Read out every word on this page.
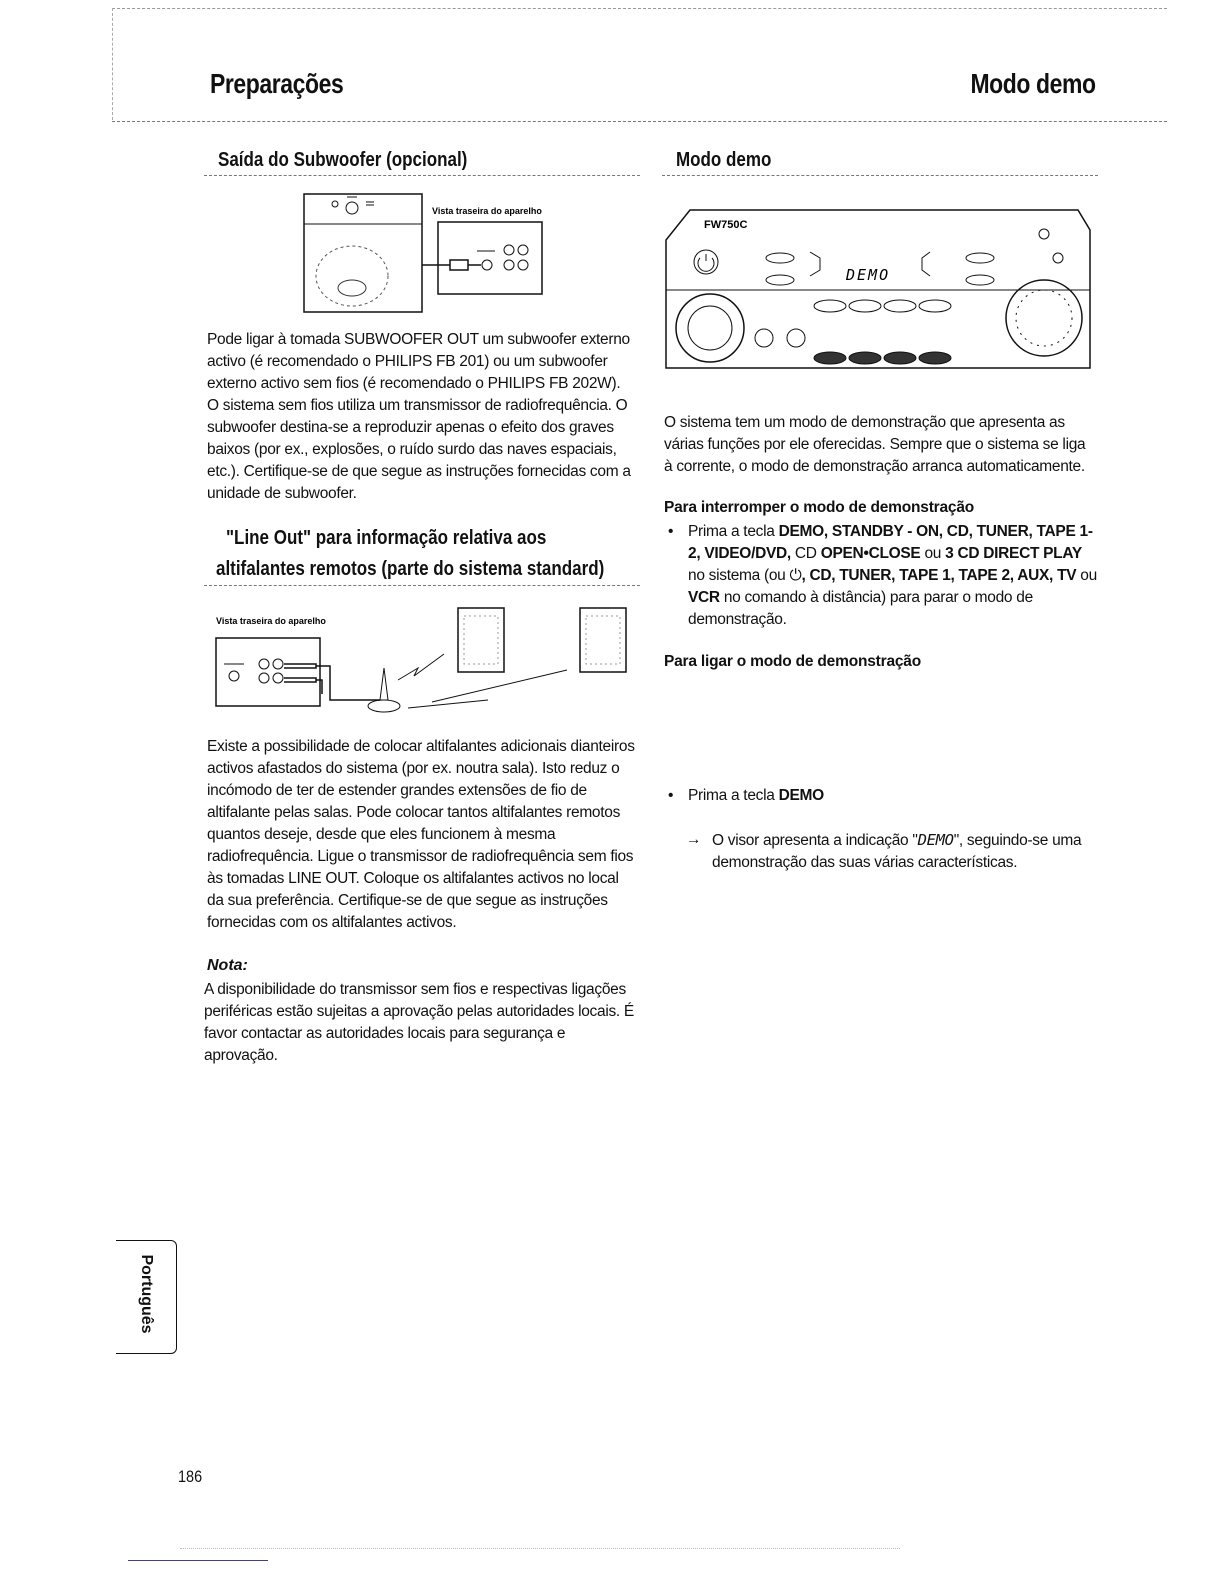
Preparações	Modo demo
Saída do Subwoofer (opcional)
Vista traseira do aparelho
Pode ligar à tomada SUBWOOFER OUT um subwoofer externo activo (é recomendado o PHILIPS FB 201) ou um subwoofer externo activo sem fios (é recomendado o PHILIPS FB 202W). O sistema sem fios utiliza um transmissor de radiofrequência. O subwoofer destina-se a reproduzir apenas o efeito dos graves baixos (por ex., explosões, o ruído surdo das naves espaciais, etc.). Certifique-se de que segue as instruções fornecidas com a unidade de subwoofer.
"Line Out" para informação relativa aos
altifalantes remotos (parte do sistema standard)
Vista traseira do aparelho
Existe a possibilidade de colocar altifalantes adicionais dianteiros activos afastados do sistema (por ex. noutra sala). Isto reduz o incómodo de ter de estender grandes extensões de fio de altifalante pelas salas. Pode colocar tantos altifalantes remotos quantos deseje, desde que eles funcionem à mesma radiofrequência. Ligue o transmissor de radiofrequência sem fios às tomadas LINE OUT. Coloque os altifalantes activos no local da sua preferência. Certifique-se de que segue as instruções fornecidas com os altifalantes activos.
Nota:
A disponibilidade do transmissor sem fios e respectivas ligações periféricas estão sujeitas a aprovação pelas autoridades locais. É favor contactar as autoridades locais para segurança e aprovação.
Modo demo
FW750C
DEMO
O sistema tem um modo de demonstração que apresenta as várias funções por ele oferecidas. Sempre que o sistema se liga à corrente, o modo de demonstração arranca automaticamente.
Para interromper o modo de demonstração
• Prima a tecla DEMO, STANDBY - ON, CD, TUNER, TAPE 1-2, VIDEO/DVD, CD OPEN•CLOSE ou 3 CD DIRECT PLAY no sistema (ou ⏻, CD, TUNER, TAPE 1, TAPE 2, AUX, TV ou VCR no comando à distância) para parar o modo de demonstração.
Para ligar o modo de demonstração
• Prima a tecla DEMO
→ O visor apresenta a indicação "DEMO", seguindo-se uma demonstração das suas várias características.
Português
186
